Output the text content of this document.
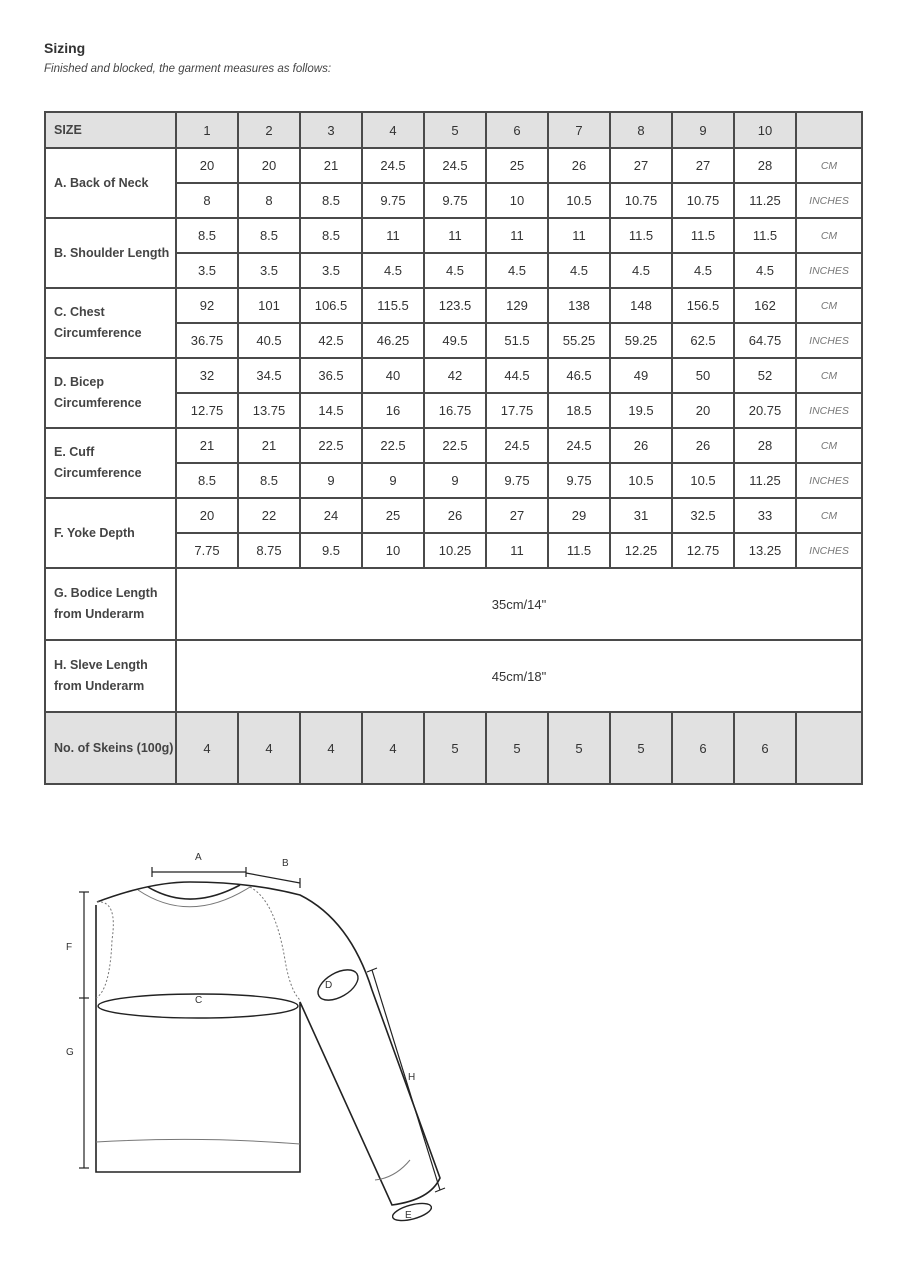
Sizing
Finished and blocked, the garment measures as follows:
SIZE	1	2	3	4	5	6	7	8	9	10	
A. Back of Neck	20	20	21	24.5	24.5	25	26	27	27	28	CM
	8	8	8.5	9.75	9.75	10	10.5	10.75	10.75	11.25	INCHES
B. Shoulder Length	8.5	8.5	8.5	11	11	11	11	11.5	11.5	11.5	CM
	3.5	3.5	3.5	4.5	4.5	4.5	4.5	4.5	4.5	4.5	INCHES
C. Chest Circumference	92	101	106.5	115.5	123.5	129	138	148	156.5	162	CM
	36.75	40.5	42.5	46.25	49.5	51.5	55.25	59.25	62.5	64.75	INCHES
D. Bicep Circumference	32	34.5	36.5	40	42	44.5	46.5	49	50	52	CM
	12.75	13.75	14.5	16	16.75	17.75	18.5	19.5	20	20.75	INCHES
E. Cuff Circumference	21	21	22.5	22.5	22.5	24.5	24.5	26	26	28	CM
	8.5	8.5	9	9	9	9.75	9.75	10.5	10.5	11.25	INCHES
F. Yoke Depth	20	22	24	25	26	27	29	31	32.5	33	CM
	7.75	8.75	9.5	10	10.25	11	11.5	12.25	12.75	13.25	INCHES
G. Bodice Length from Underarm	35cm/14"										
H. Sleve Length from Underarm	45cm/18"										
No. of Skeins (100g)	4	4	4	4	5	5	5	5	6	6	
A
B
C
D
E
F
G
H
